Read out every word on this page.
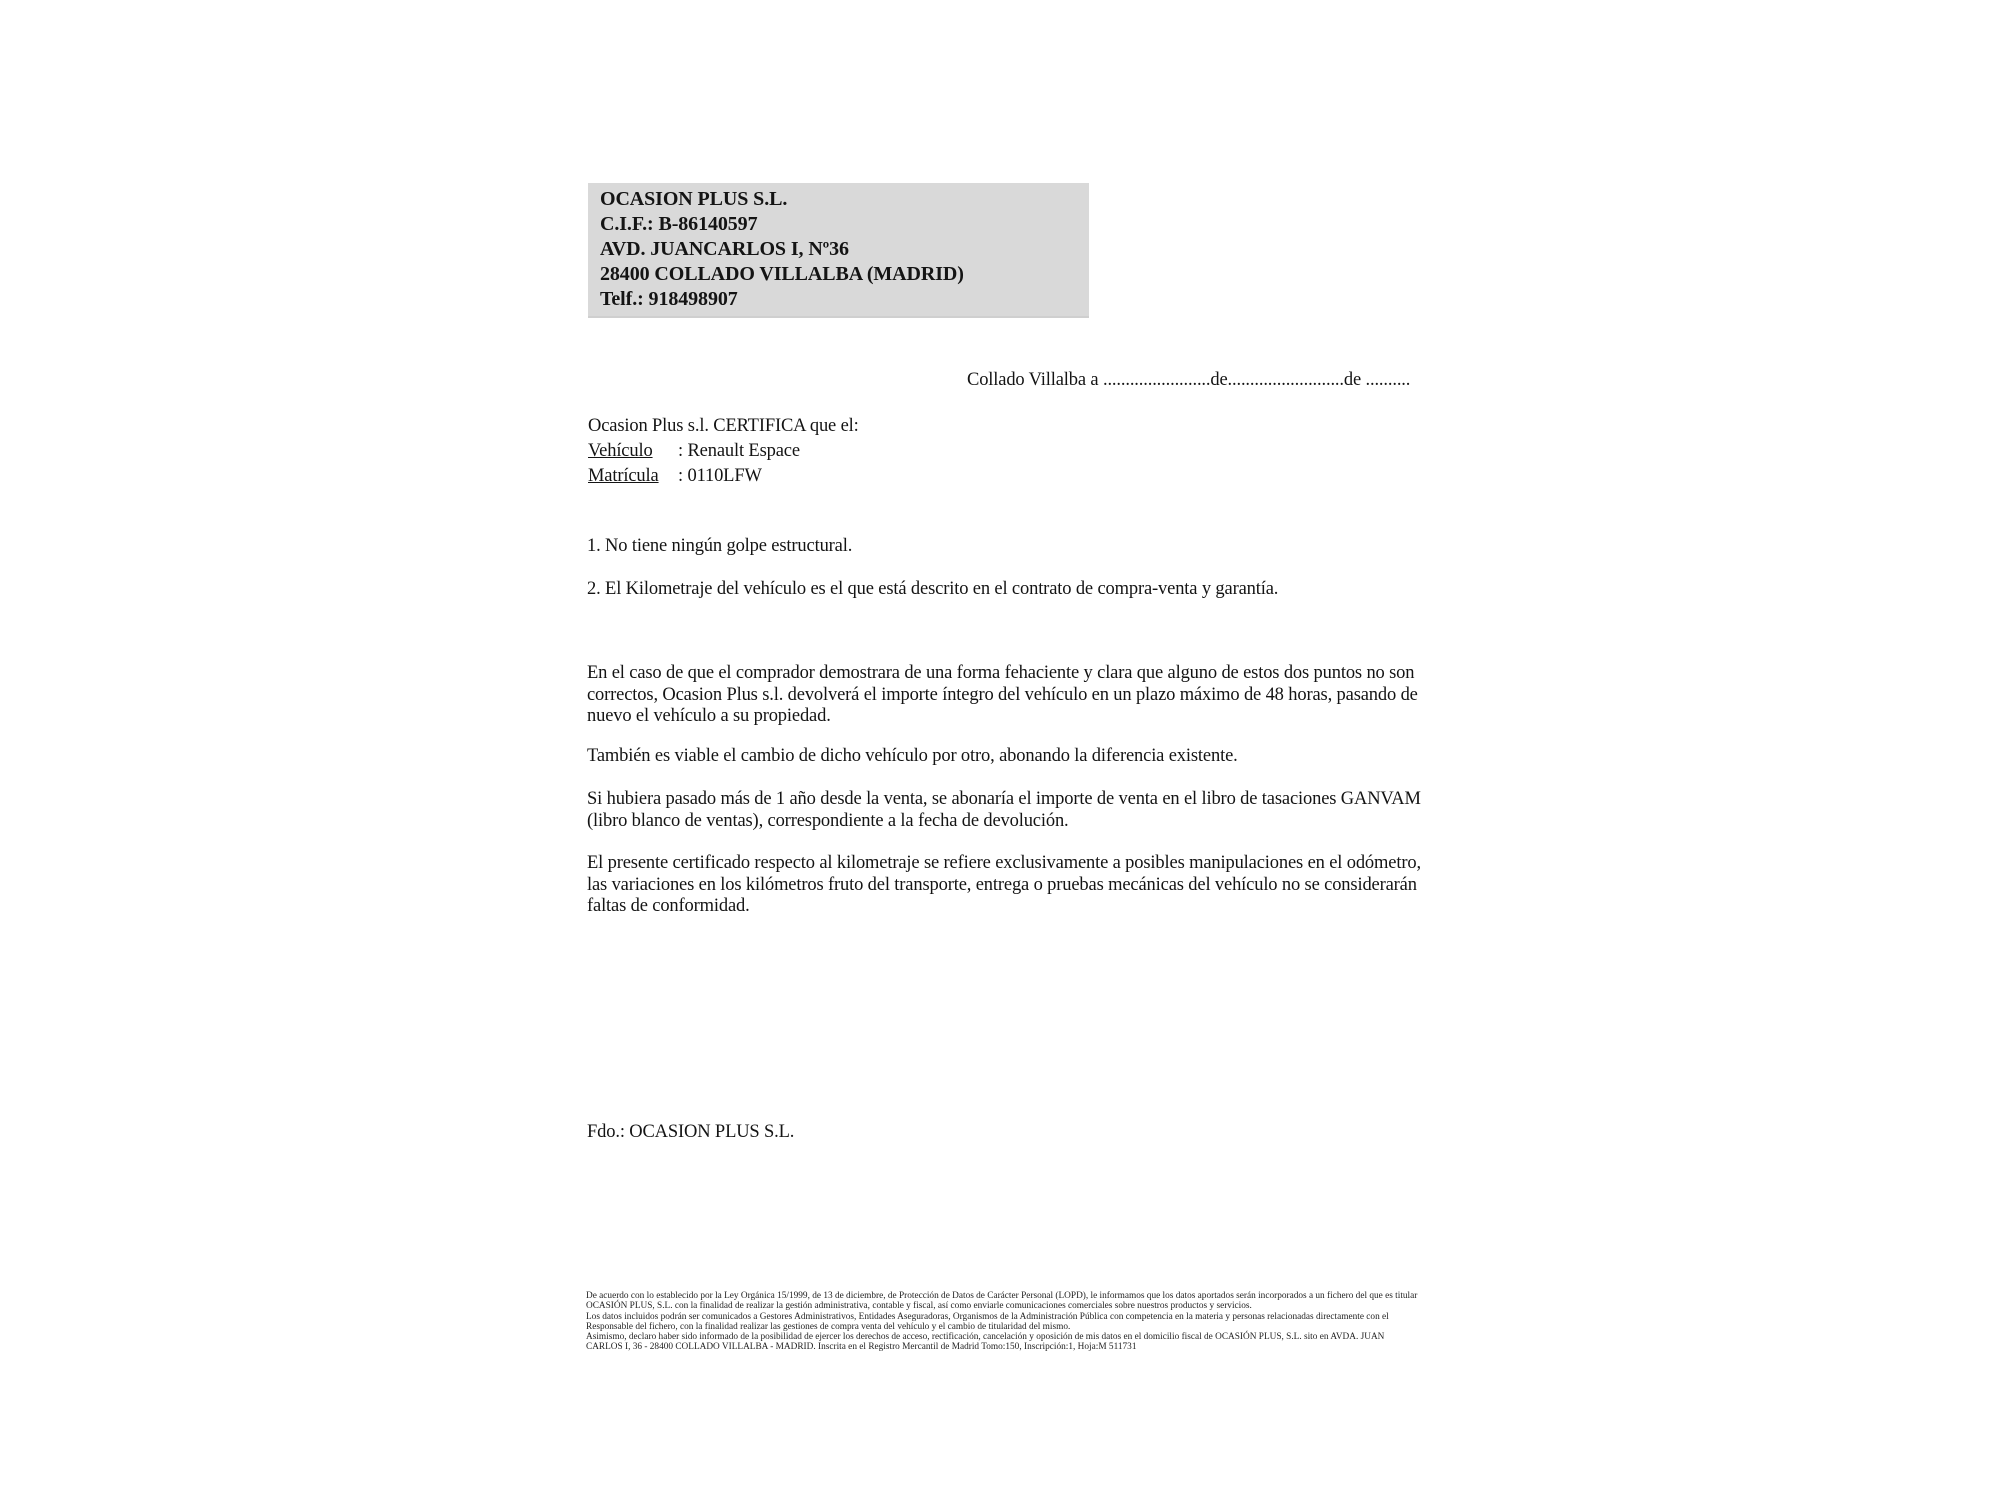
OCASION PLUS S.L.
C.I.F.: B-86140597
AVD. JUANCARLOS I, Nº36
28400 COLLADO VILLALBA (MADRID)
Telf.: 918498907
Collado Villalba a ........................de..........................de ..........
Ocasion Plus s.l. CERTIFICA que el:
Vehículo	: Renault Espace
Matrícula	: 0110LFW
1. No tiene ningún golpe estructural.
2. El Kilometraje del vehículo es el que está descrito en el contrato de compra-venta y garantía.
En el caso de que el comprador demostrara de una forma fehaciente y clara que alguno de estos dos puntos no son correctos, Ocasion Plus s.l. devolverá el importe íntegro del vehículo en un plazo máximo de 48 horas, pasando de nuevo el vehículo a su propiedad.
También es viable el cambio de dicho vehículo por otro, abonando la diferencia existente.
Si hubiera pasado más de 1 año desde la venta, se abonaría el importe de venta en el libro de tasaciones GANVAM (libro blanco de ventas), correspondiente a la fecha de devolución.
El presente certificado respecto al kilometraje se refiere exclusivamente a posibles manipulaciones en el odómetro, las variaciones en los kilómetros fruto del transporte, entrega o pruebas mecánicas del vehículo no se considerarán faltas de conformidad.
Fdo.: OCASION PLUS S.L.
De acuerdo con lo establecido por la Ley Orgánica 15/1999, de 13 de diciembre, de Protección de Datos de Carácter Personal (LOPD), le informamos que los datos aportados serán incorporados a un fichero del que es titular
OCASIÓN PLUS, S.L. con la finalidad de realizar la gestión administrativa, contable y fiscal, así como enviarle comunicaciones comerciales sobre nuestros productos y servicios.
Los datos incluidos podrán ser comunicados a Gestores Administrativos, Entidades Aseguradoras, Organismos de la Administración Pública con competencia en la materia y personas relacionadas directamente con el
Responsable del fichero, con la finalidad realizar las gestiones de compra venta del vehículo y el cambio de titularidad del mismo.
Asimismo, declaro haber sido informado de la posibilidad de ejercer los derechos de acceso, rectificación, cancelación y oposición de mis datos en el domicilio fiscal de OCASIÓN PLUS, S.L. sito en AVDA. JUAN
CARLOS I, 36 - 28400 COLLADO VILLALBA - MADRID. Inscrita en el Registro Mercantil de Madrid Tomo:150, Inscripción:1, Hoja:M 511731
